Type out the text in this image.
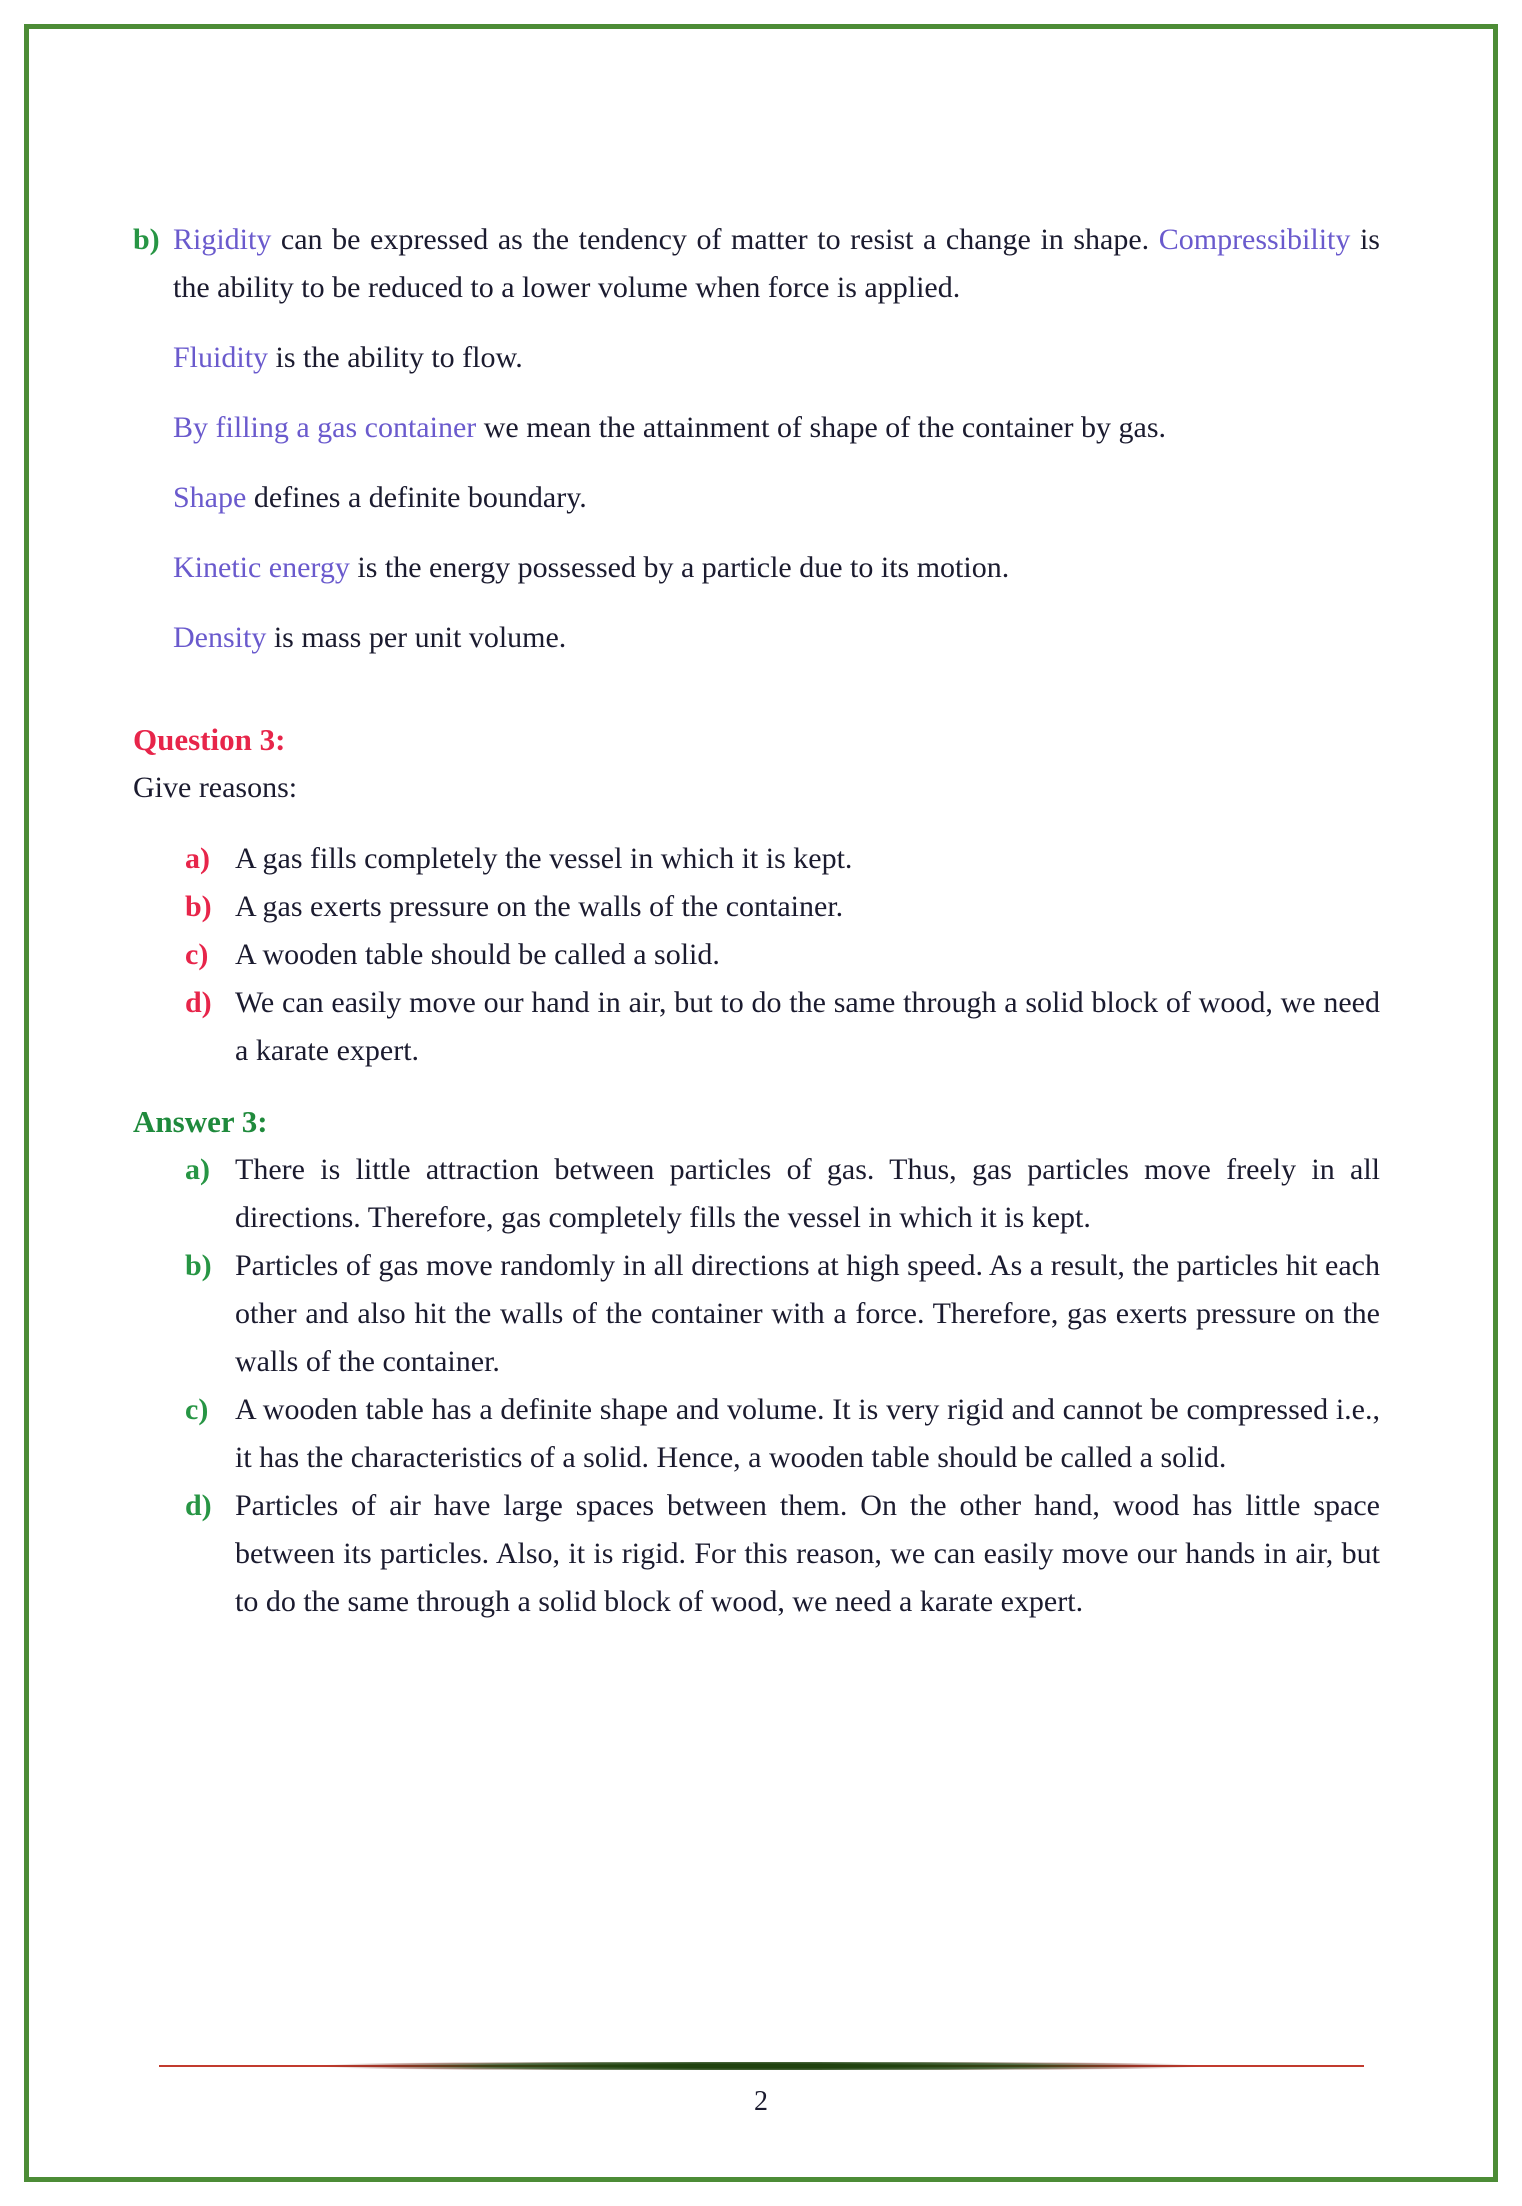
b) Rigidity can be expressed as the tendency of matter to resist a change in shape. Compressibility is the ability to be reduced to a lower volume when force is applied.

Fluidity is the ability to flow.

By filling a gas container we mean the attainment of shape of the container by gas.

Shape defines a definite boundary.

Kinetic energy is the energy possessed by a particle due to its motion.

Density is mass per unit volume.

Question 3:

Give reasons:

a) A gas fills completely the vessel in which it is kept.
b) A gas exerts pressure on the walls of the container.
c) A wooden table should be called a solid.
d) We can easily move our hand in air, but to do the same through a solid block of wood, we need a karate expert.
Answer 3:
a) There is little attraction between particles of gas. Thus, gas particles move freely in all directions. Therefore, gas completely fills the vessel in which it is kept.
b) Particles of gas move randomly in all directions at high speed. As a result, the particles hit each other and also hit the walls of the container with a force. Therefore, gas exerts pressure on the walls of the container.
c) A wooden table has a definite shape and volume. It is very rigid and cannot be compressed i.e., it has the characteristics of a solid. Hence, a wooden table should be called a solid.
d) Particles of air have large spaces between them. On the other hand, wood has little space between its particles. Also, it is rigid. For this reason, we can easily move our hands in air, but to do the same through a solid block of wood, we need a karate expert.
2
